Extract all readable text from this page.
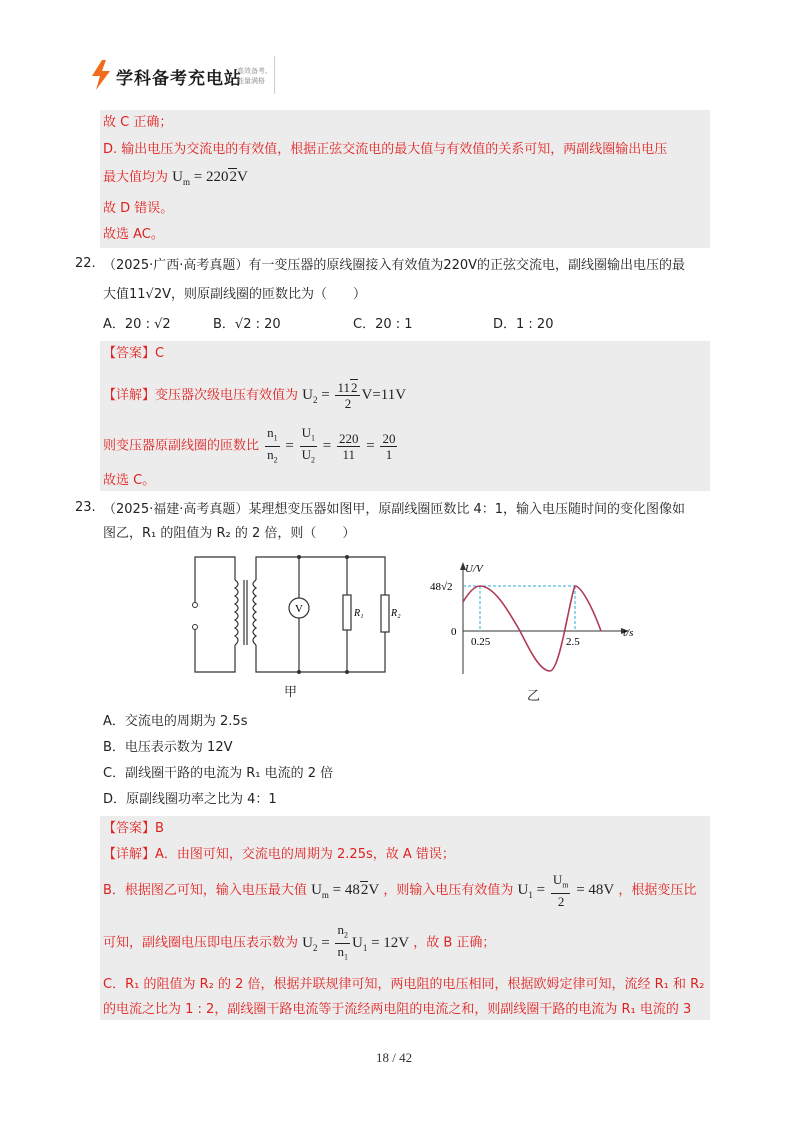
学科备考充电站
高效备考,
能量满格
故 C 正确；
D. 输出电压为交流电的有效值，根据正弦交流电的最大值与有效值的关系可知，两副线圈输出电压
最大值均为 $U_m = 2202V$
故 D 错误。
故选 AC。
22. （2025·广西·高考真题）有一变压器的原线圈接入有效值为220V的正弦交流电，副线圈输出电压的最
大值11√2V，则原副线圈的匝数比为（　　）
A．20 : √2	B．√2 : 20	C．20 : 1	D．1 : 20
【答案】C
【详解】变压器次级电压有效值为 $U_2 = \frac{112}{2} V=11V$
则变压器原副线圈的匝数比 $\frac{n_1}{n_2} = \frac{U_1}{U_2} = \frac{220}{11} = \frac{20}{1}$
故选 C。
23. （2025·福建·高考真题）某理想变压器如图甲，原副线圈匝数比 4：1，输入电压随时间的变化图像如
图乙，R₁ 的阻值为 R₂ 的 2 倍，则（　　）
V	R₁	R₂
甲
U/V
48√2
0
0.25	2.5
t/s
乙
A．交流电的周期为 2.5s
B．电压表示数为 12V
C．副线圈干路的电流为 R₁ 电流的 2 倍
D．原副线圈功率之比为 4：1
【答案】B
【详解】A．由图可知，交流电的周期为 2.25s，故 A 错误；
B．根据图乙可知，输入电压最大值 $U_m = 482V$ ，则输入电压有效值为 $U_1 = \frac{U_m}{2} = 48V$ ，根据变压比
可知，副线圈电压即电压表示数为 $U_2 = \frac{n_2}{n_1} U_1 = 12V$ ，故 B 正确；
C．R₁ 的阻值为 R₂ 的 2 倍，根据并联规律可知，两电阻的电压相同，根据欧姆定律可知，流经 R₁ 和 R₂
的电流之比为 1 : 2，副线圈干路电流等于流经两电阻的电流之和，则副线圈干路的电流为 R₁ 电流的 3
18 / 42
